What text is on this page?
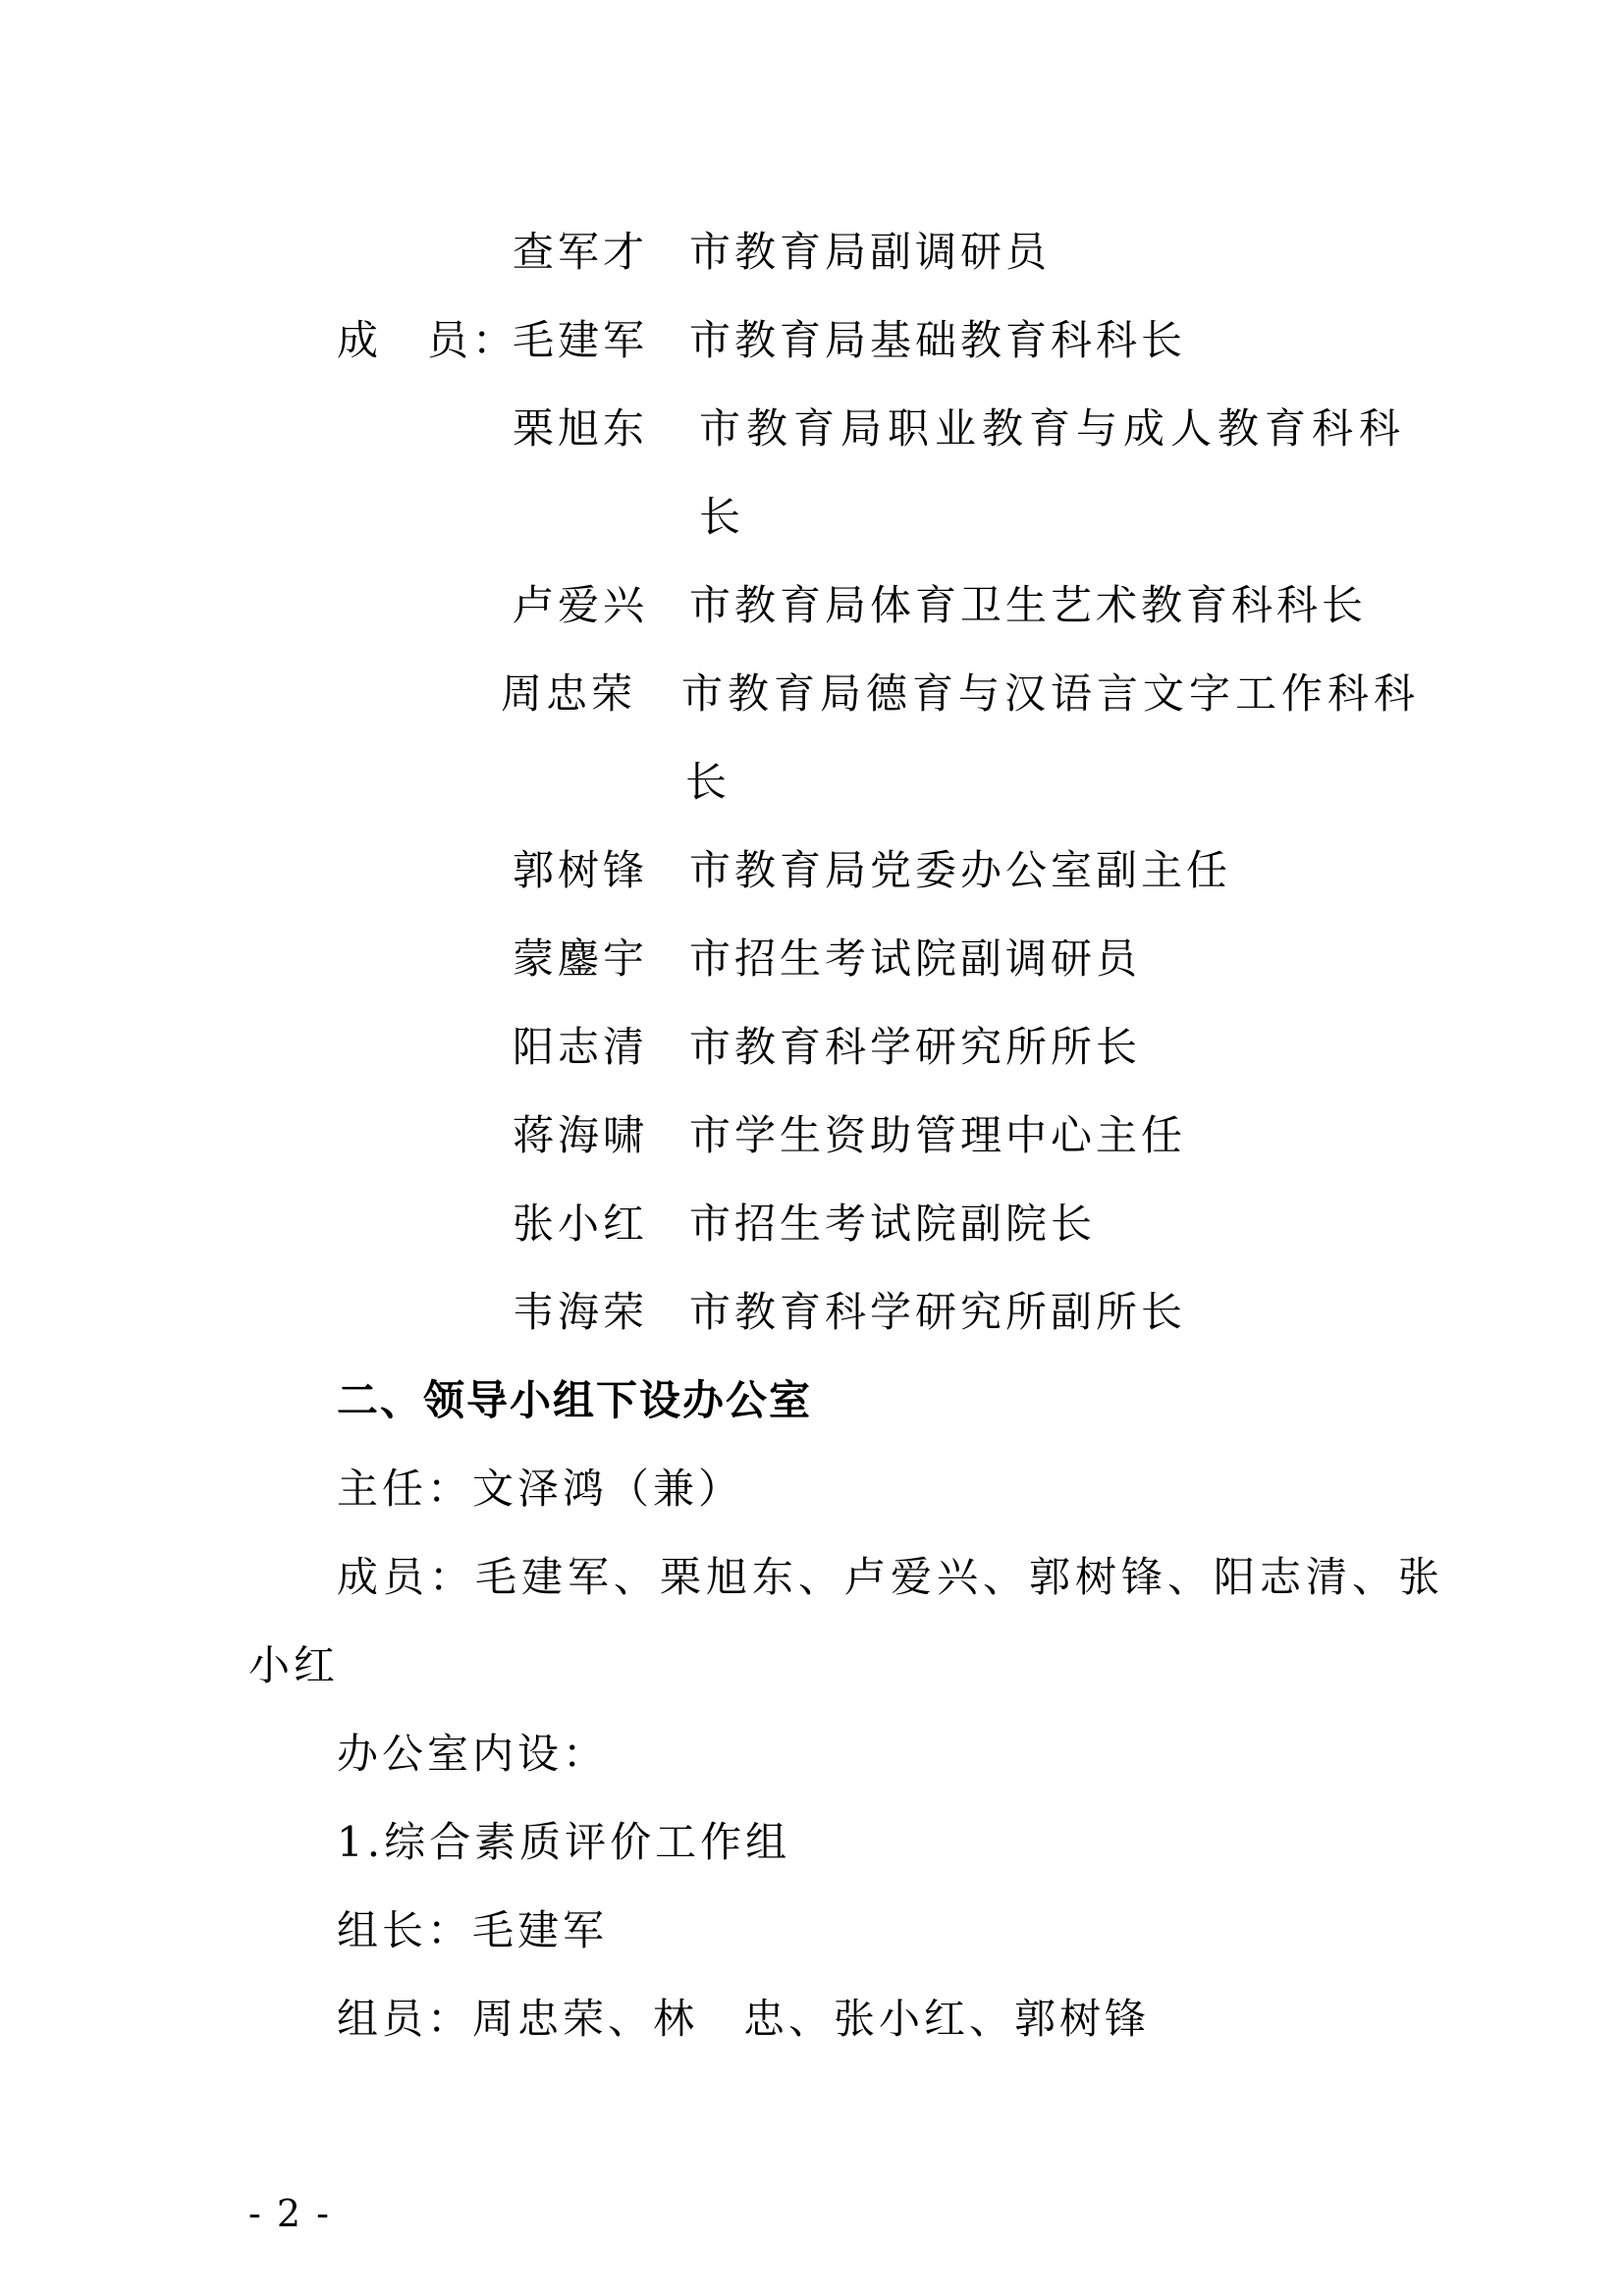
查军才 市教育局副调研员
成　员：
毛建军 市教育局基础教育科科长
栗旭东 市教育局职业教育与成人教育科科
长
卢爱兴 市教育局体育卫生艺术教育科科长
周忠荣 市教育局德育与汉语言文字工作科科
长
郭树锋 市教育局党委办公室副主任
蒙鏖宇 市招生考试院副调研员
阳志清 市教育科学研究所所长
蒋海啸 市学生资助管理中心主任
张小红 市招生考试院副院长
韦海荣 市教育科学研究所副所长
二、领导小组下设办公室
主任：文泽鸿（兼）
成员：毛建军、栗旭东、卢爱兴、郭树锋、阳志清、张
小红
办公室内设：
1.综合素质评价工作组
组长：毛建军
组员：周忠荣、林　忠、张小红、郭树锋
- 2 -
